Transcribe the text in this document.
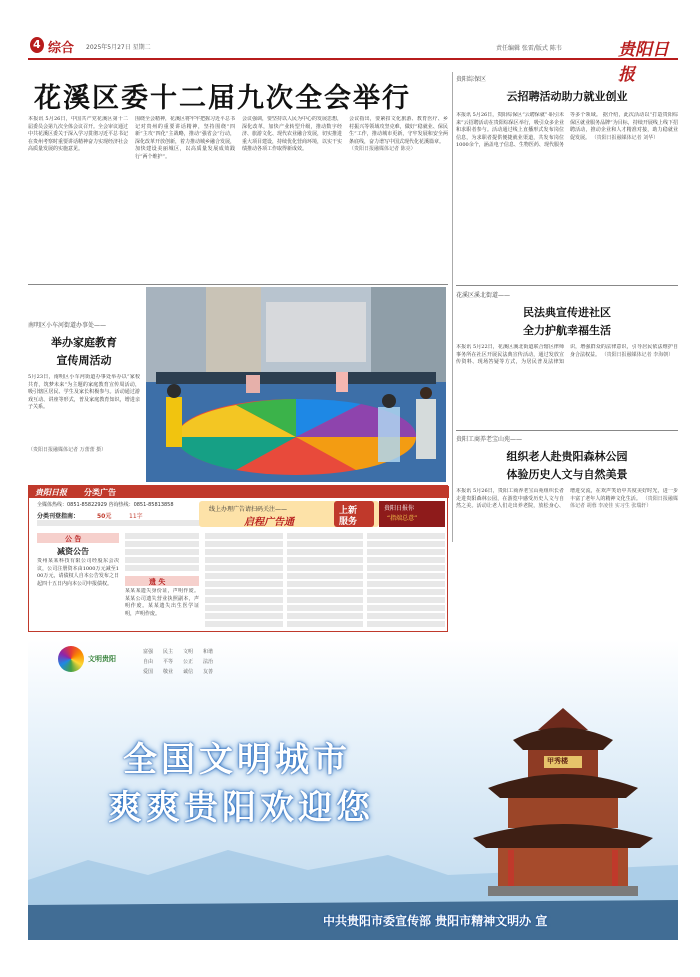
4 综合 2025年5月27日 星期二	责任编辑 张雷/版式 陈韦	贵阳日报
花溪区委十二届九次全会举行
本报讯 5月26日，中国共产党花溪区第十二届委员会第九次全体会议召开。全会审议通过中共花溪区委关于深入学习贯彻习近平总书记在贵州考察时重要讲话精神奋力实现经济社会高质量发展的实施意见。
围绕全会精神，花溪区将牢牢把握习近平总书记对贵州的重要讲话精神，坚持围绕“四新”主攻“四化”主战略，推动“强省会”行动，深化改革开放创新，着力推动城乡融合发展，加快建设美丽城区，以高质量发展成效践行“两个维护”。
会议强调，要坚持以人民为中心的发展思想，深化改革，加快产业转型升级，推动数字经济、旅游文化、现代农业融合发展，切实推进重大项目建设，持续优化营商环境，以实干实绩推动各项工作取得新成效。
会议指出，要紧扣文化旅游、教育医疗、乡村振兴等领域攻坚克难，做好“稳就业、保民生”工作，推动城市更新，守牢发展和安全两条底线，奋力谱写中国式现代化花溪篇章。
（贵阳日报融媒体记者 陈亮）
南明区小车河街道办事处——
举办家庭教育
宣传周活动
5月23日，南明区小车河街道办事处举办以“家校共育，筑梦未来”为主题的家庭教育宣传周活动，吸引辖区居民、学生及家长积极参与。活动通过游戏互动、讲座等形式，普及家庭教育知识，增进亲子关系。
（贵阳日报融媒体记者 万蕾蕾 摄）
贵阳综保区
云招聘活动助力就业创业
本报讯 5月26日，贵阳综保区“云聘保就”·职引未来”云招聘活动在贵阳综保区举行，吸引众多企业和求职者参与。活动通过线上直播形式发布岗位信息，为求职者提供便捷就业渠道，共发布岗位1000余个，涵盖电子信息、生物医药、现代服务等多个领域。 据介绍，此次活动以“打造贵阳综保区就业服务品牌”为目标，持续开展线上线下招聘活动，推动企业和人才精准对接，助力稳就业促发展。 （贵阳日报融媒体记者 刘华）
花溪区溪北街道——
民法典宣传进社区
全力护航幸福生活
本报讯 5月22日，花溪区溪北街道联合辖区律师事务所在社区开展民法典宣传活动，通过发放宣传资料、现场答疑等方式，为居民普及法律知识，增强群众的法律意识，引导居民依法维护自身合法权益。 （贵阳日报融媒体记者 李海朝）
贵阳工商养老宝山苑——
组织老人赴贵阳森林公园
体验历史人文与自然美景
本报讯 5月26日，贵阳工商养老宝山苑组织长者走进贵阳森林公园，在游览中感受历史人文与自然之美。活动让老人们走出养老院，放松身心、增进交流，在欢声笑语中共度美好时光，进一步丰富了老年人的精神文化生活。 （贵阳日报融媒体记者 胡蓉 李凌佳 实习生 张瑞轩）
贵阳日报 分类广告
全媒体热线：0851-85822929 咨询热线：0851-85813858
分类刊登指南：	50元	11字
线上办理广告请扫码关注——
启程广告通
上新
服务
贵阳日报你
“指端总意”
公 告
减资公告
贵州某某科技有限公司经股东会决议，公司注册资本由1000万元减至100万元，请债权人自本公告发布之日起四十五日内向本公司申报债权。	遗 失
某某某遗失身份证，声明作废。某某公司遗失营业执照副本，声明作废。某某遗失出生医学证明，声明作废。
文明贵阳
富强 民主 文明 和谐
自由 平等 公正 法治
爱国 敬业 诚信 友善
甲秀楼
全国文明城市
爽爽贵阳欢迎您
中共贵阳市委宣传部 贵阳市精神文明办 宣
